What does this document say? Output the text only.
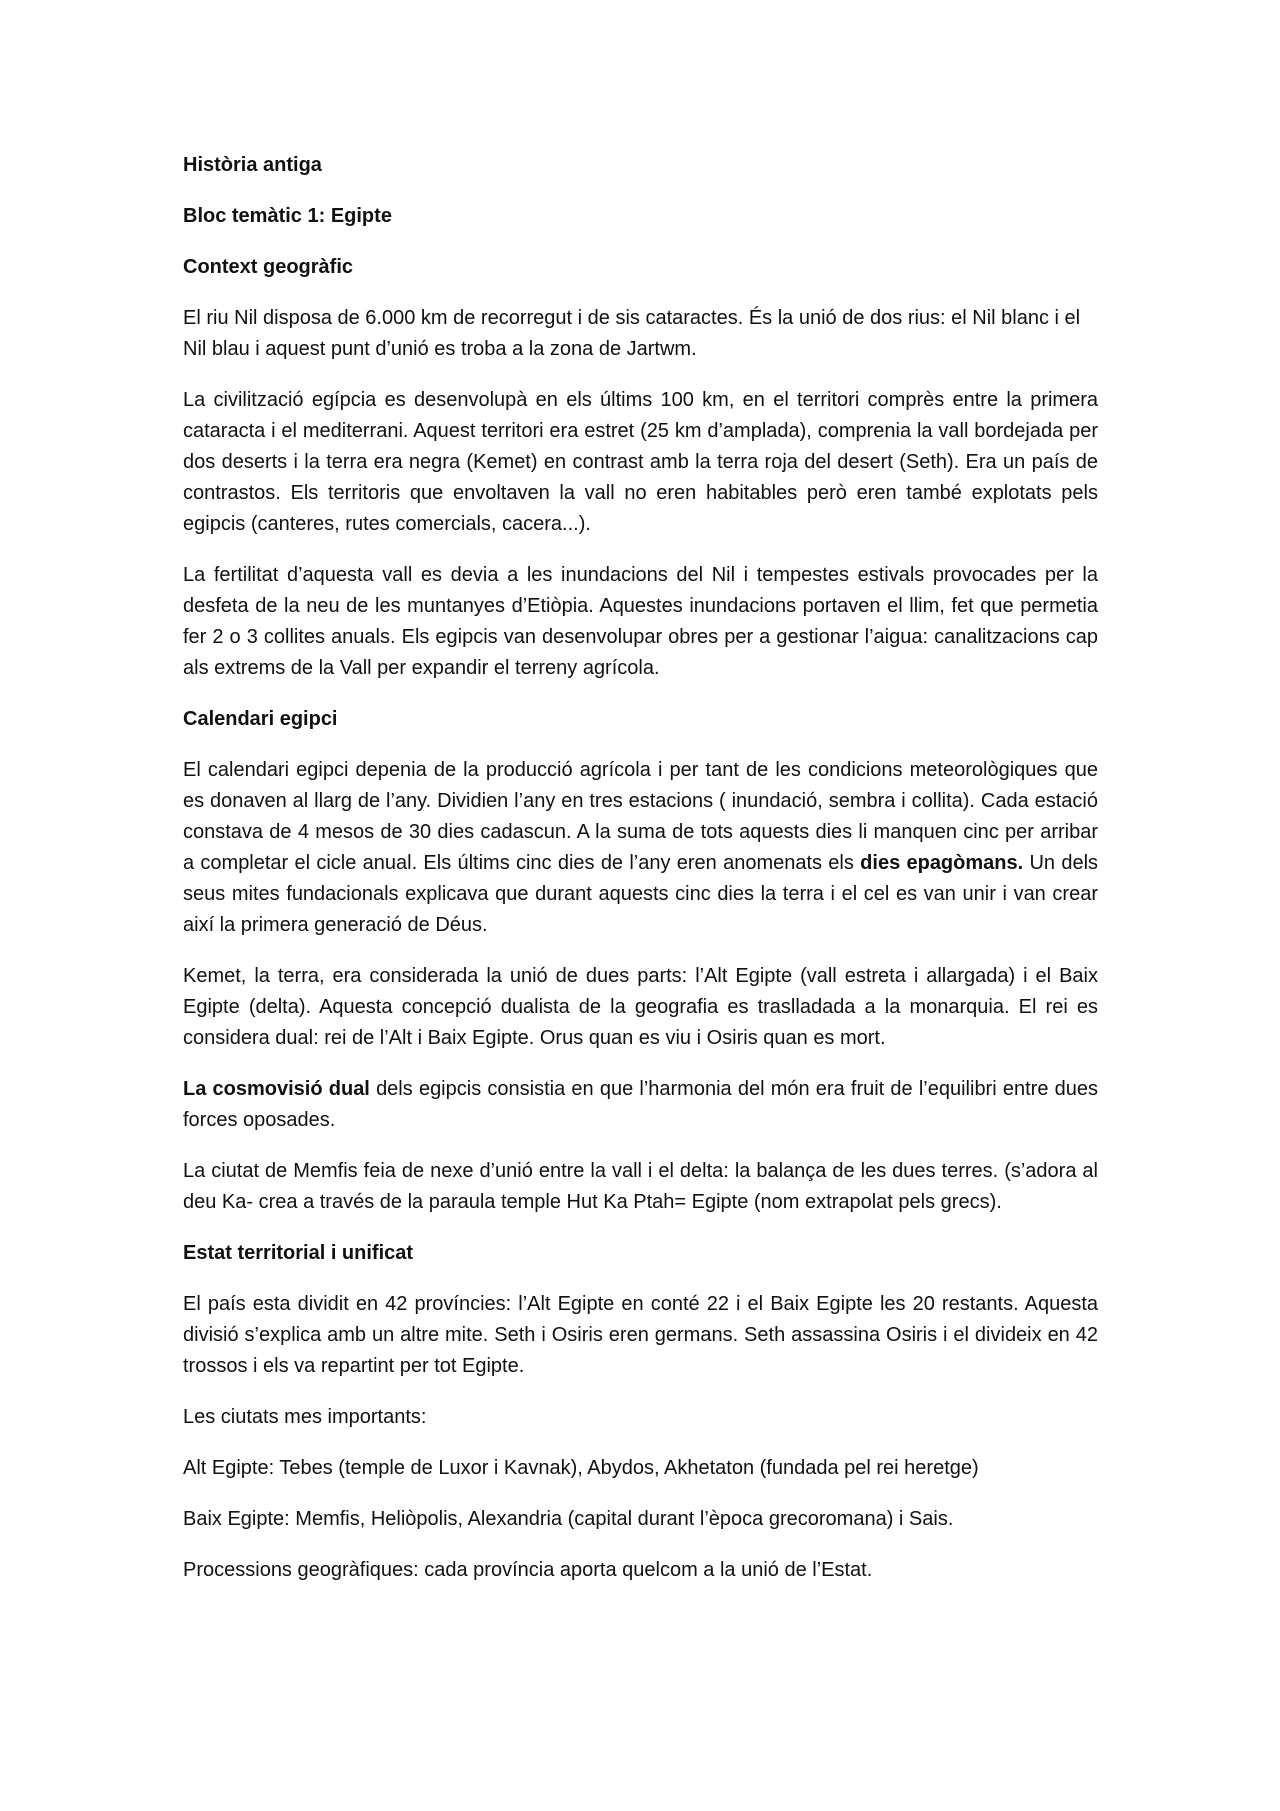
Història antiga
Bloc temàtic 1: Egipte
Context geogràfic

El riu Nil disposa de 6.000 km de recorregut i de sis cataractes. És la unió de dos rius: el Nil blanc i el Nil blau i aquest punt d’unió es troba a la zona de Jartwm.

La civilització egípcia es desenvolupà en els últims 100 km, en el territori comprès entre la primera cataracta i el mediterrani. Aquest territori era estret (25 km d’amplada), comprenia la vall bordejada per dos deserts i la terra era negra (Kemet) en contrast amb la terra roja del desert (Seth). Era un país de contrastos. Els territoris que envoltaven la vall no eren habitables però eren també explotats pels egipcis (canteres, rutes comercials, cacera...).

La fertilitat d’aquesta vall es devia a les inundacions del Nil i tempestes estivals provocades per la desfeta de la neu de les muntanyes d’Etiòpia. Aquestes inundacions portaven el llim, fet que permetia fer 2 o 3 collites anuals. Els egipcis van desenvolupar obres per a gestionar l’aigua: canalitzacions cap als extrems de la Vall per expandir el terreny agrícola.

Calendari egipci

El calendari egipci depenia de la producció agrícola i per tant de les condicions meteorològiques que es donaven al llarg de l’any. Dividien l’any en tres estacions ( inundació, sembra i collita). Cada estació constava de 4 mesos de 30 dies cadascun. A la suma de tots aquests dies li manquen cinc per arribar a completar el cicle anual. Els últims cinc dies de l’any eren anomenats els dies epagòmans. Un dels seus mites fundacionals explicava que durant aquests cinc dies la terra i el cel es van unir i van crear així la primera generació de Déus.

Kemet, la terra, era considerada la unió de dues parts: l’Alt Egipte (vall estreta i allargada) i el Baix Egipte (delta). Aquesta concepció dualista de la geografia es traslladada a la monarquia. El rei es considera dual: rei de l’Alt i Baix Egipte. Orus quan es viu i Osiris quan es mort.

La cosmovisió dual dels egipcis consistia en que l’harmonia del món era fruit de l’equilibri entre dues forces oposades.

La ciutat de Memfis feia de nexe d’unió entre la vall i el delta: la balança de les dues terres. (s’adora al deu Ka- crea a través de la paraula temple Hut Ka Ptah= Egipte (nom extrapolat pels grecs).

Estat territorial i unificat

El país esta dividit en 42 províncies: l’Alt Egipte en conté 22 i el Baix Egipte les 20 restants. Aquesta divisió s’explica amb un altre mite. Seth i Osiris eren germans. Seth assassina Osiris i el divideix en 42 trossos i els va repartint per tot Egipte.

Les ciutats mes importants:

Alt Egipte: Tebes (temple de Luxor i Kavnak), Abydos, Akhetaton (fundada pel rei heretge)

Baix Egipte: Memfis, Heliòpolis, Alexandria (capital durant l’època grecoromana) i Sais.

Processions geogràfiques: cada província aporta quelcom a la unió de l’Estat.
